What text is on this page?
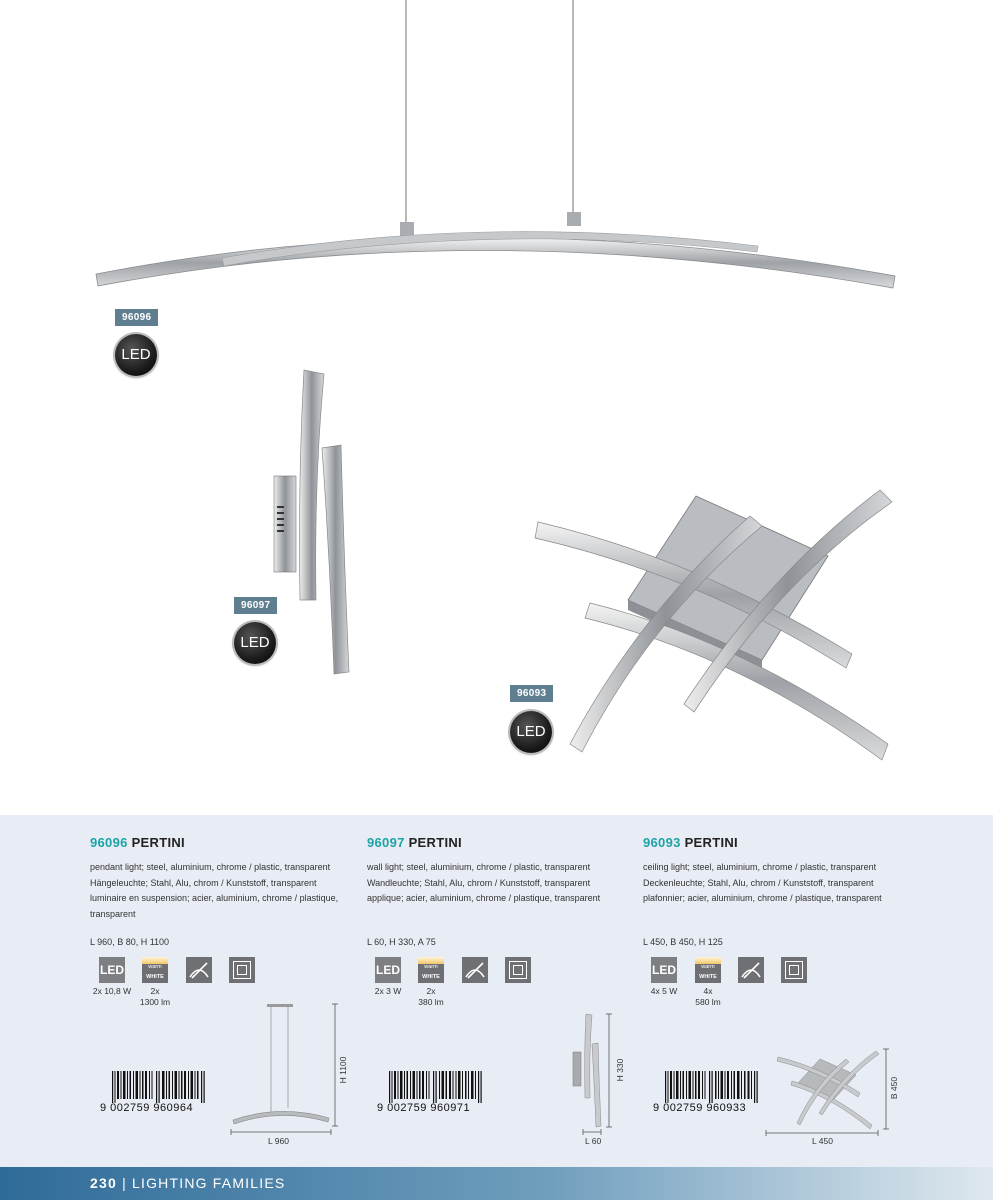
96096
LED
96097
LED
96093
LED
96096 PERTINI
pendant light; steel, aluminium, chrome / plastic, transparent
Hängeleuchte; Stahl, Alu, chrom / Kunststoff, transparent
luminaire en suspension; acier, aluminium, chrome / plastique,
transparent
L 960, B 80, H 1100
LED	warm
WHITE
2x 10,8 W	2x
1300 lm
9 002759 960964
H 1100
L 960
96097 PERTINI
wall light; steel, aluminium, chrome / plastic, transparent
Wandleuchte; Stahl, Alu, chrom / Kunststoff, transparent
applique; acier, aluminium, chrome / plastique, transparent
L 60, H 330, A 75
LED	warm
WHITE
2x 3 W	2x
380 lm
9 002759 960971
H 330
L 60
96093 PERTINI
ceiling light; steel, aluminium, chrome / plastic, transparent
Deckenleuchte; Stahl, Alu, chrom / Kunststoff, transparent
plafonnier; acier, aluminium, chrome / plastique, transparent
L 450, B 450, H 125
LED	warm
WHITE
4x 5 W	4x
580 lm
9 002759 960933
B 450
L 450
230 | LIGHTING FAMILIES
